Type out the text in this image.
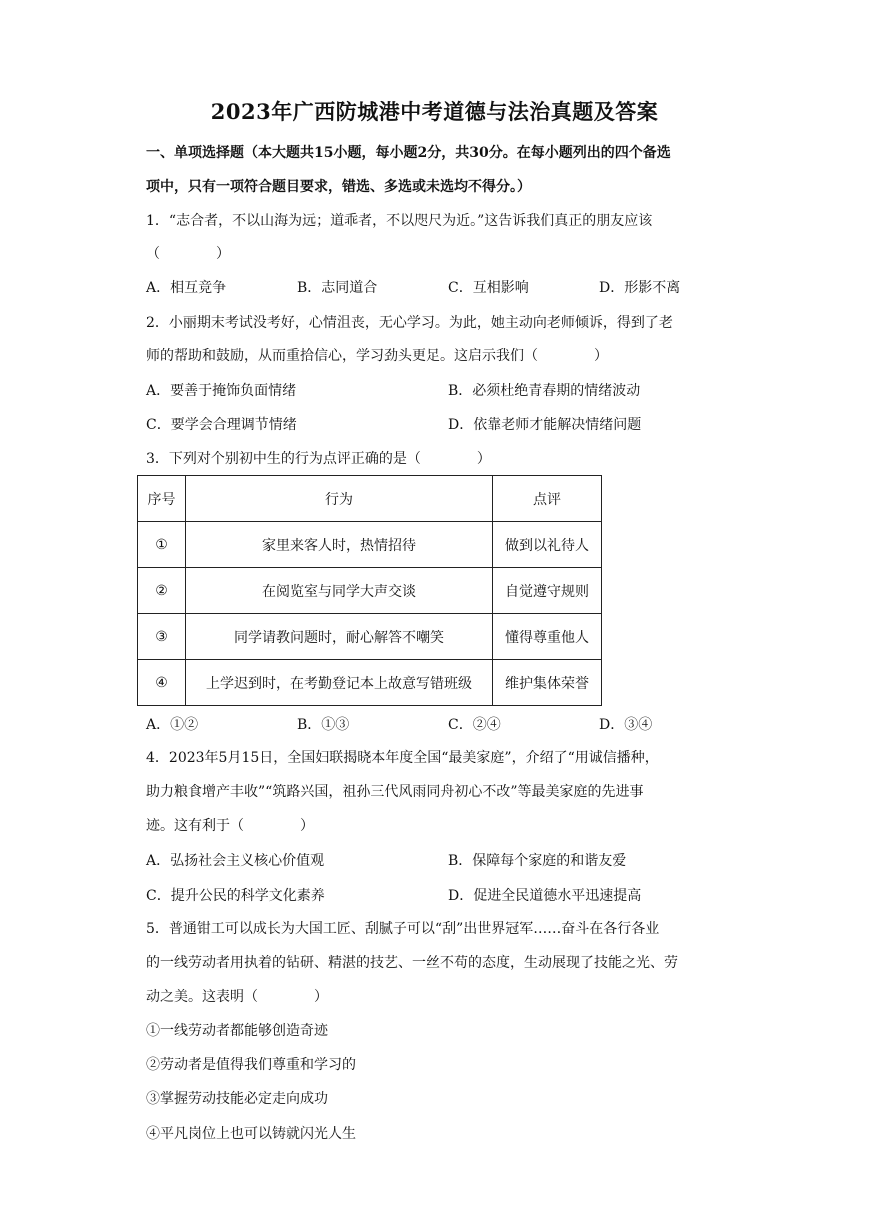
2023年广西防城港中考道德与法治真题及答案
一、单项选择题（本大题共15小题，每小题2分，共30分。在每小题列出的四个备选
项中，只有一项符合题目要求，错选、多选或未选均不得分。）
1．“志合者，不以山海为远；道乖者，不以咫尺为近。”这告诉我们真正的朋友应该
（　　　　）
A．相互竞争	B．志同道合	C．互相影响	D．形影不离
2．小丽期末考试没考好，心情沮丧，无心学习。为此，她主动向老师倾诉，得到了老
师的帮助和鼓励，从而重拾信心，学习劲头更足。这启示我们（　　　　）
A．要善于掩饰负面情绪	B．必须杜绝青春期的情绪波动
C．要学会合理调节情绪	D．依靠老师才能解决情绪问题
3．下列对个别初中生的行为点评正确的是（　　　　）
序号	行为	点评
①	家里来客人时，热情招待	做到以礼待人
②	在阅览室与同学大声交谈	自觉遵守规则
③	同学请教问题时，耐心解答不嘲笑	懂得尊重他人
④	上学迟到时，在考勤登记本上故意写错班级	维护集体荣誉
A．①②	B．①③	C．②④	D．③④
4．2023年5月15日，全国妇联揭晓本年度全国“最美家庭”，介绍了“用诚信播种，
助力粮食增产丰收”“筑路兴国，祖孙三代风雨同舟初心不改”等最美家庭的先进事
迹。这有利于（　　　　）
A．弘扬社会主义核心价值观	B．保障每个家庭的和谐友爱
C．提升公民的科学文化素养	D．促进全民道德水平迅速提高
5．普通钳工可以成长为大国工匠、刮腻子可以“刮”出世界冠军……奋斗在各行各业
的一线劳动者用执着的钻研、精湛的技艺、一丝不苟的态度，生动展现了技能之光、劳
动之美。这表明（　　　　）
①一线劳动者都能够创造奇迹
②劳动者是值得我们尊重和学习的
③掌握劳动技能必定走向成功
④平凡岗位上也可以铸就闪光人生
